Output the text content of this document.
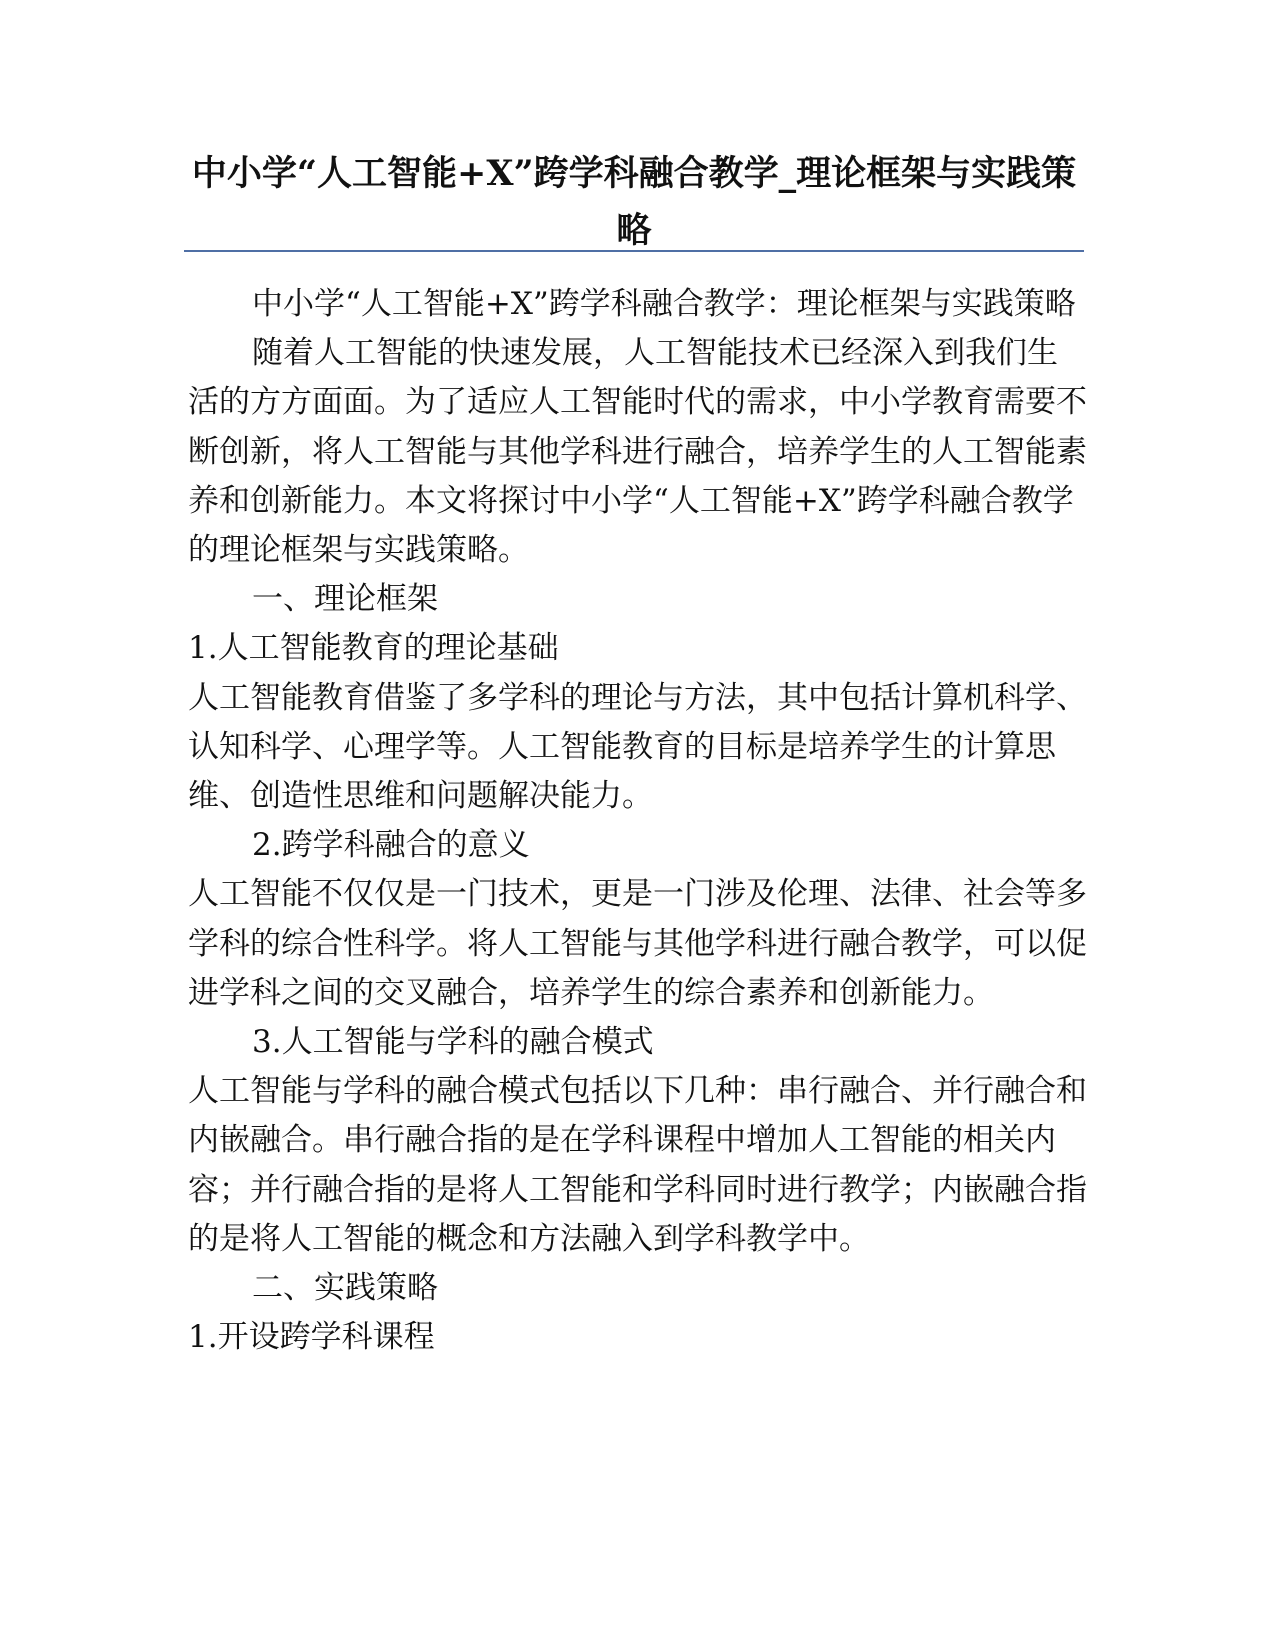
中小学“人工智能+X”跨学科融合教学_理论框架与实践策略

中小学“人工智能+X”跨学科融合教学：理论框架与实践策略

随着人工智能的快速发展，人工智能技术已经深入到我们生活的方方面面。为了适应人工智能时代的需求，中小学教育需要不断创新，将人工智能与其他学科进行融合，培养学生的人工智能素养和创新能力。本文将探讨中小学“人工智能+X”跨学科融合教学的理论框架与实践策略。

一、理论框架

1.人工智能教育的理论基础

人工智能教育借鉴了多学科的理论与方法，其中包括计算机科学、认知科学、心理学等。人工智能教育的目标是培养学生的计算思维、创造性思维和问题解决能力。

2.跨学科融合的意义

人工智能不仅仅是一门技术，更是一门涉及伦理、法律、社会等多学科的综合性科学。将人工智能与其他学科进行融合教学，可以促进学科之间的交叉融合，培养学生的综合素养和创新能力。

3.人工智能与学科的融合模式

人工智能与学科的融合模式包括以下几种：串行融合、并行融合和内嵌融合。串行融合指的是在学科课程中增加人工智能的相关内容；并行融合指的是将人工智能和学科同时进行教学；内嵌融合指的是将人工智能的概念和方法融入到学科教学中。

二、实践策略

1.开设跨学科课程
